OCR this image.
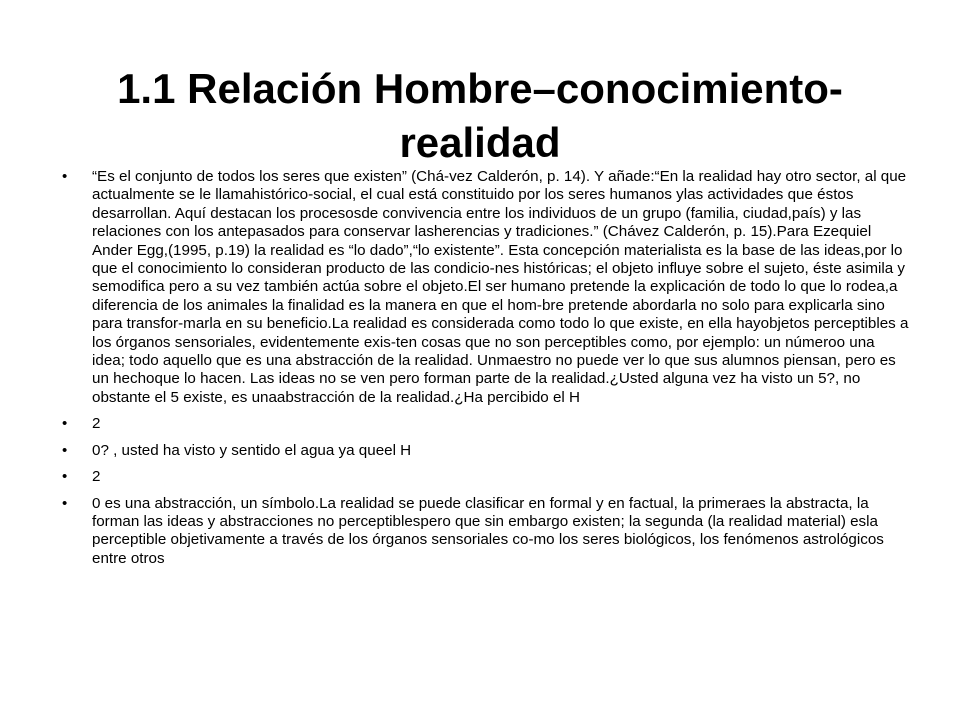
1.1 Relación Hombre–conocimiento-realidad
• “Es el conjunto de todos los seres que existen” (Chá-vez Calderón, p. 14). Y añade:“En la realidad hay otro sector, al que actualmente se le llamahistórico-social, el cual está constituido por los seres humanos ylas actividades que éstos desarrollan. Aquí destacan los procesosde convivencia entre los individuos de un grupo (familia, ciudad,país) y las relaciones con los antepasados para conservar lasherencias y tradiciones.” (Chávez Calderón, p. 15).Para Ezequiel Ander Egg,(1995, p.19) la realidad es “lo dado”,“lo existente”. Esta concepción materialista es la base de las ideas,por lo que el conocimiento lo consideran producto de las condicio-nes históricas; el objeto influye sobre el sujeto, éste asimila y semodifica pero a su vez también actúa sobre el objeto.El ser humano pretende la explicación de todo lo que lo rodea,a diferencia de los animales la finalidad es la manera en que el hom-bre pretende abordarla no solo para explicarla sino para transfor-marla en su beneficio.La realidad es considerada como todo lo que existe, en ella hayobjetos perceptibles a los órganos sensoriales, evidentemente exis-ten cosas que no son perceptibles como, por ejemplo: un númeroo una idea; todo aquello que es una abstracción de la realidad. Unmaestro no puede ver lo que sus alumnos piensan, pero es un hechoque lo hacen. Las ideas no se ven pero forman parte de la realidad.¿Usted alguna vez ha visto un 5?, no obstante el 5 existe, es unaabstracción de la realidad.¿Ha percibido el H
• 2
• 0? , usted ha visto y sentido el agua ya queel H
• 2
• 0 es una abstracción, un símbolo.La realidad se puede clasificar en formal y en factual, la primeraes la abstracta, la forman las ideas y abstracciones no perceptiblespero que sin embargo existen; la segunda (la realidad material) esla perceptible objetivamente a través de los órganos sensoriales co-mo los seres biológicos, los fenómenos astrológicos entre otros
